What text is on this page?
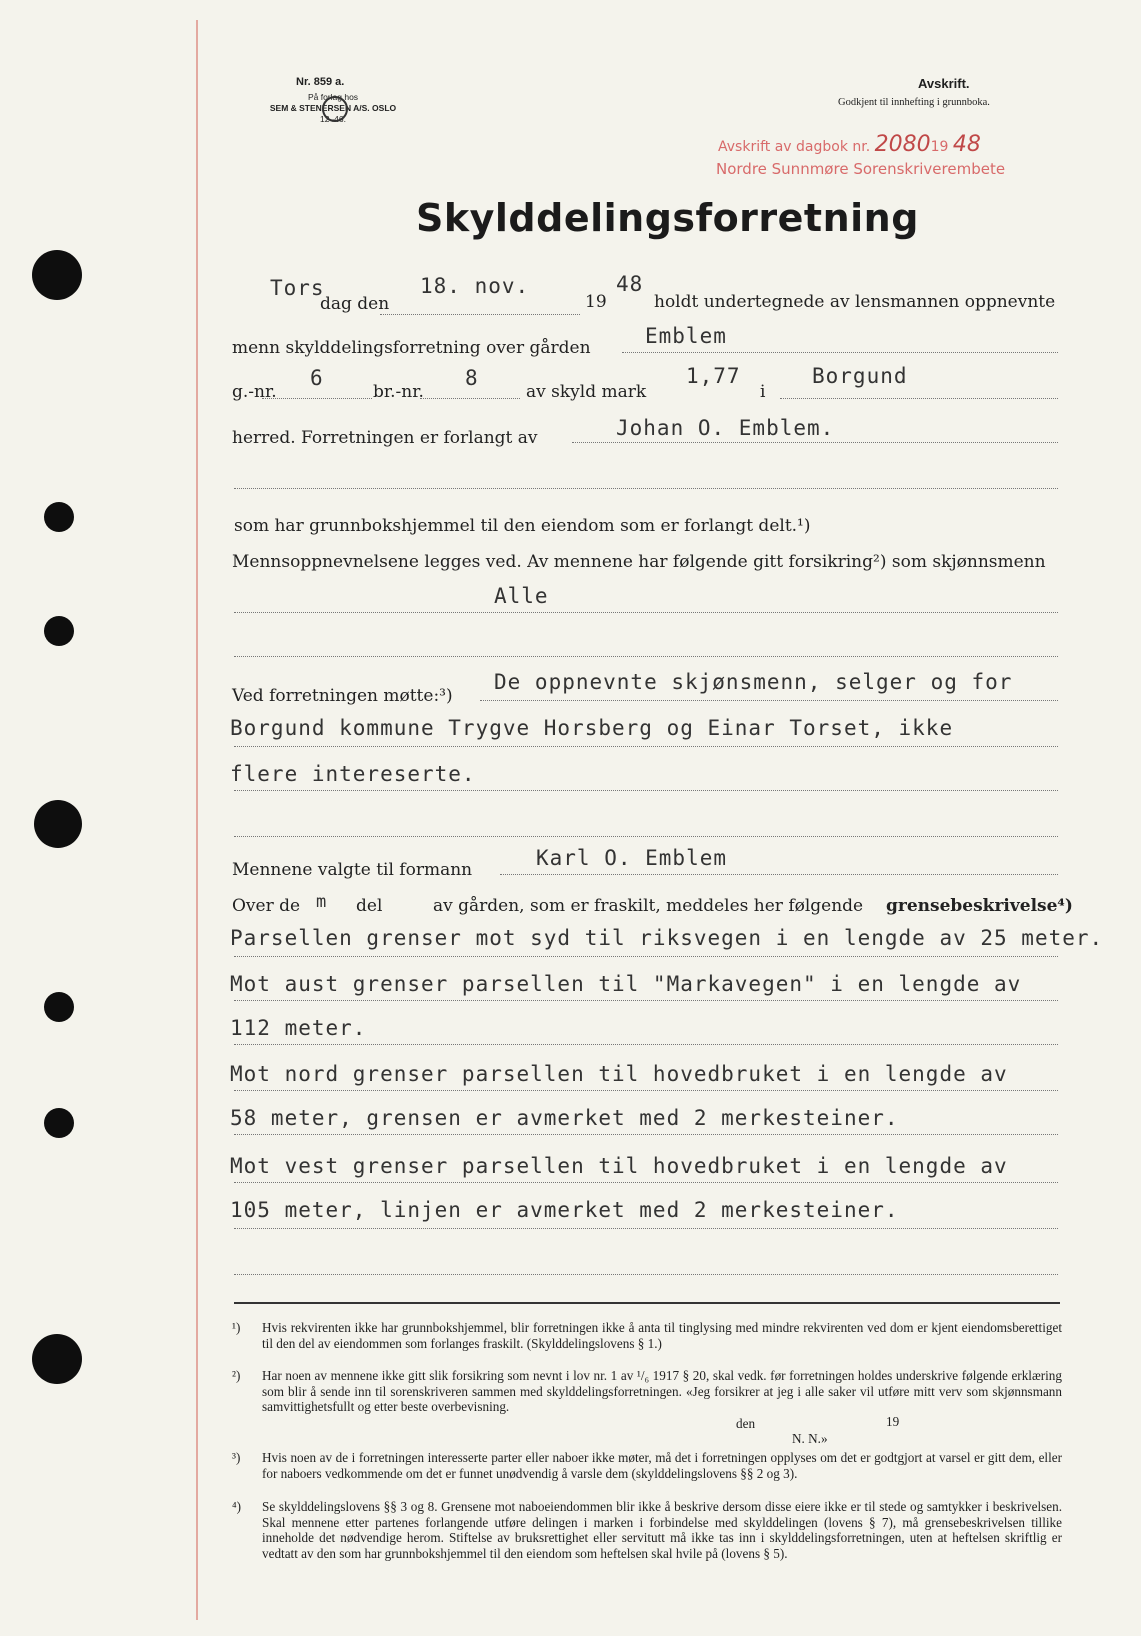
Nr. 859 a.
På forlag hos
SEM & STENERSEN A/S. OSLO
12–46.
Avskrift.
Godkjent til innhefting i grunnboka.
Avskrift av dagbok nr. 208019 48
Nordre Sunnmøre Sorenskriverembete
Skylddelingsforretning
Tors
dag den
18. nov.
19
48
holdt undertegnede av lensmannen oppnevnte
menn skylddelingsforretning over gården	Emblem
g.-nr.
6
br.-nr.
8
av skyld mark
1,77
i
Borgund
herred. Forretningen er forlangt av	Johan O. Emblem.
som har grunnbokshjemmel til den eiendom som er forlangt delt.¹)
Mennsoppnevnelsene legges ved. Av mennene har følgende gitt forsikring²) som skjønnsmenn
Alle
Ved forretningen møtte:³)
De oppnevnte skjønsmenn, selger og for
Borgund kommune Trygve Horsberg og Einar Torset, ikke
flere intereserte.
Mennene valgte til formann	Karl O. Emblem
Over de m del	av gården, som er fraskilt, meddeles her følgende grensebeskrivelse⁴)
Parsellen grenser mot syd til riksvegen i en lengde av 25 meter.
Mot aust grenser parsellen til "Markavegen" i en lengde av
112 meter.
Mot nord grenser parsellen til hovedbruket i en lengde av
58 meter, grensen er avmerket med 2 merkesteiner.
Mot vest grenser parsellen til hovedbruket i en lengde av
105 meter, linjen er avmerket med 2 merkesteiner.
¹) Hvis rekvirenten ikke har grunnbokshjemmel, blir forretningen ikke å anta til tinglysing med mindre rekvirenten ved dom er kjent eiendomsberettiget til den del av eiendommen som forlanges fraskilt. (Skylddelingslovens § 1.)
²) Har noen av mennene ikke gitt slik forsikring som nevnt i lov nr. 1 av ¹/₆ 1917 § 20, skal vedk. før forretningen holdes underskrive følgende erklæring som blir å sende inn til sorenskriveren sammen med skylddelingsforretningen. «Jeg forsikrer at jeg i alle saker vil utføre mitt verv som skjønnsmann samvittighetsfullt og etter beste overbevisning.
den	19
N. N.»
³) Hvis noen av de i forretningen interesserte parter eller naboer ikke møter, må det i forretningen opplyses om det er godtgjort at varsel er gitt dem, eller for naboers vedkommende om det er funnet unødvendig å varsle dem (skylddelingslovens §§ 2 og 3).
⁴) Se skylddelingslovens §§ 3 og 8. Grensene mot naboeiendommen blir ikke å beskrive dersom disse eiere ikke er til stede og samtykker i beskrivelsen. Skal mennene etter partenes forlangende utføre delingen i marken i forbindelse med skylddelingen (lovens § 7), må grensebeskrivelsen tillike inneholde det nødvendige herom. Stiftelse av bruksrettighet eller servitutt må ikke tas inn i skylddelingsforretningen, uten at heftelsen skriftlig er vedtatt av den som har grunnbokshjemmel til den eiendom som heftelsen skal hvile på (lovens § 5).
